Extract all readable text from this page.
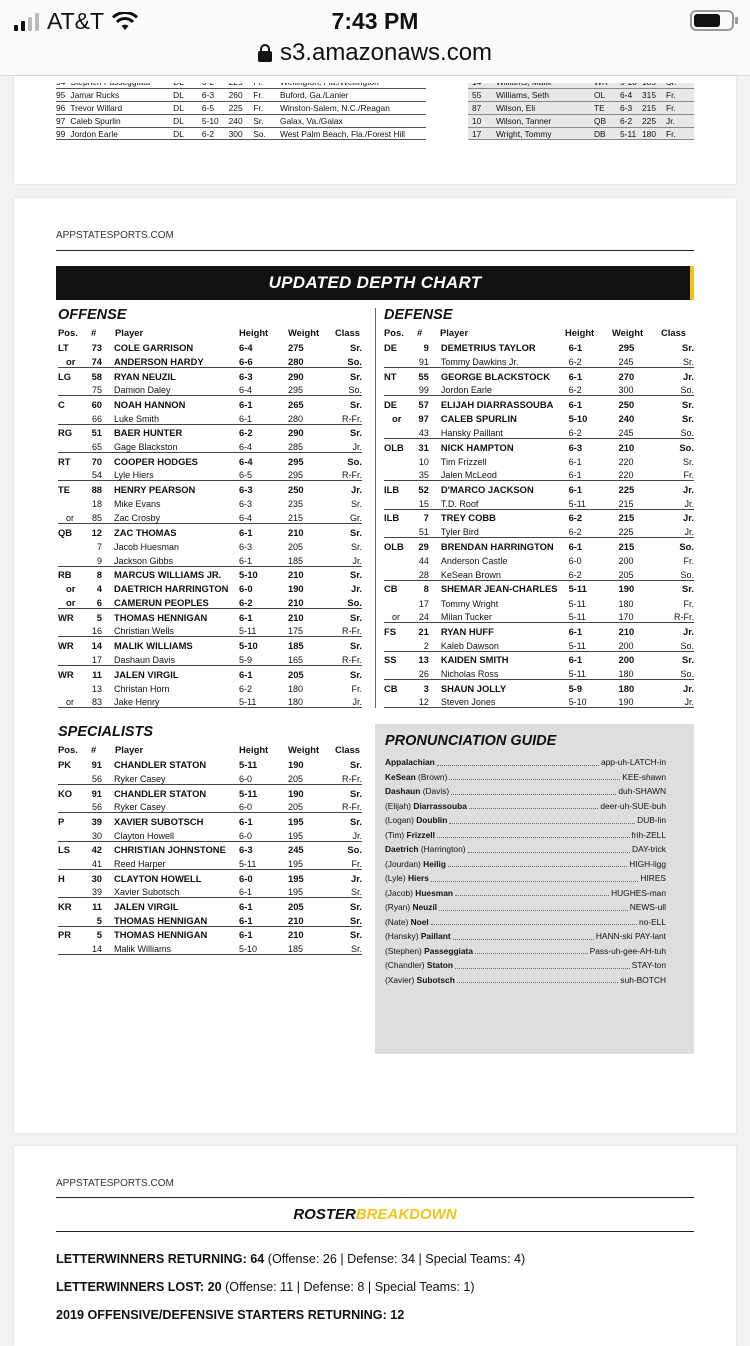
AT&T	7:43 PM
s3.amazonaws.com

95	Jamar Rucks	DL	6-3	260	Fr.	Buford, Ga./Lanier
96	Trevor Willard	DL	6-5	225	Fr.	Winston-Salem, N.C./Reagan
97	Caleb Spurlin	DL	5-10	240	Sr.	Galax, Va./Galax
99	Jordon Earle	DL	6-2	300	So.	West Palm Beach, Fla./Forest Hill

55	Williams, Seth	OL	6-4	315	Fr.
87	Wilson, Eli	TE	6-3	215	Fr.
10	Wilson, Tanner	QB	6-2	225	Jr.
17	Wright, Tommy	DB	5-11	180	Fr.
APPSTATESPORTS.COM
UPDATED DEPTH CHART
OFFENSE	DEFENSE
Pos. # Player	Height Weight Class	Pos. # Player	Height Weight Class
LT	73	COLE GARRISON	6-4	275	Sr.
or	74	ANDERSON HARDY	6-6	280	So.
LG	58	RYAN NEUZIL	6-3	290	Sr.
	75	Damion Daley	6-4	295	So.
C	60	NOAH HANNON	6-1	265	Sr.
	66	Luke Smith	6-1	280	R-Fr.
RG	51	BAER HUNTER	6-2	290	Sr.
	65	Gage Blackston	6-4	285	Jr.
RT	70	COOPER HODGES	6-4	295	So.
	54	Lyle Hiers	6-5	295	R-Fr.
TE	88	HENRY PEARSON	6-3	250	Jr.
	18	Mike Evans	6-3	235	Sr.
or	85	Zac Crosby	6-4	215	Gr.
QB	12	ZAC THOMAS	6-1	210	Sr.
	7	Jacob Huesman	6-3	205	Sr.
	9	Jackson Gibbs	6-1	185	Jr.
RB	8	MARCUS WILLIAMS JR.	5-10	210	Sr.
or	4	DAETRICH HARRINGTON	6-0	190	Jr.
or	6	CAMERUN PEOPLES	6-2	210	So.
WR	5	THOMAS HENNIGAN	6-1	210	Sr.
	16	Christian Wells	5-11	175	R-Fr.
WR	14	MALIK WILLIAMS	5-10	185	Sr.
	17	Dashaun Davis	5-9	165	R-Fr.
WR	11	JALEN VIRGIL	6-1	205	Sr.
	13	Christan Horn	6-2	180	Fr.
or	83	Jake Henry	5-11	180	Jr.
DE	9	DEMETRIUS TAYLOR	6-1	295	Sr.
	91	Tommy Dawkins Jr.	6-2	245	Sr.
NT	55	GEORGE BLACKSTOCK	6-1	270	Jr.
	99	Jordon Earle	6-2	300	So.
DE	57	ELIJAH DIARRASSOUBA	6-1	250	Sr.
or	97	CALEB SPURLIN	5-10	240	Sr.
	43	Hansky Paillant	6-2	245	So.
OLB	31	NICK HAMPTON	6-3	210	So.
	10	Tim Frizzell	6-1	220	Sr.
	35	Jalen McLeod	6-1	220	Fr.
ILB	52	D'MARCO JACKSON	6-1	225	Jr.
	15	T.D. Roof	5-11	215	Jr.
ILB	7	TREY COBB	6-2	215	Jr.
	51	Tyler Bird	6-2	225	Jr.
OLB	29	BRENDAN HARRINGTON	6-1	215	So.
	44	Anderson Castle	6-0	200	Fr.
	28	KeSean Brown	6-2	205	So.
CB	8	SHEMAR JEAN-CHARLES	5-11	190	Sr.
	17	Tommy Wright	5-11	180	Fr.
or	24	Milan Tucker	5-11	170	R-Fr.
FS	21	RYAN HUFF	6-1	210	Jr.
	2	Kaleb Dawson	5-11	200	So.
SS	13	KAIDEN SMITH	6-1	200	Sr.
	26	Nicholas Ross	5-11	180	So.
CB	3	SHAUN JOLLY	5-9	180	Jr.
	12	Steven Jones	5-10	190	Jr.
SPECIALISTS
Pos. # Player	Height Weight Class
PK	91	CHANDLER STATON	5-11	190	Sr.
	56	Ryker Casey	6-0	205	R-Fr.
KO	91	CHANDLER STATON	5-11	190	Sr.
	56	Ryker Casey	6-0	205	R-Fr.
P	39	XAVIER SUBOTSCH	6-1	195	Sr.
	30	Clayton Howell	6-0	195	Jr.
LS	42	CHRISTIAN JOHNSTONE	6-3	245	So.
	41	Reed Harper	5-11	195	Fr.
H	30	CLAYTON HOWELL	6-0	195	Jr.
	39	Xavier Subotsch	6-1	195	Sr.
KR	11	JALEN VIRGIL	6-1	205	Sr.
	5	THOMAS HENNIGAN	6-1	210	Sr.
PR	5	THOMAS HENNIGAN	6-1	210	Sr.
	14	Malik Williams	5-10	185	Sr.
PRONUNCIATION GUIDE
Appalachian	app-uh-LATCH-in
KeSean (Brown)	KEE-shawn
Dashaun (Davis)	duh-SHAWN
(Elijah) Diarrassouba	deer-uh-SUE-buh
(Logan) Doublin	DUB-lin
(Tim) Frizzell	frih-ZELL
Daetrich (Harrington)	DAY-trick
(Jourdan) Heilig	HIGH-ligg
(Lyle) Hiers	HIRES
(Jacob) Huesman	HUGHES-man
(Ryan) Neuzil	NEWS-ull
(Nate) Noel	no-ELL
(Hansky) Paillant	HANN-ski PAY-lant
(Stephen) Passeggiata	Pass-uh-gee-AH-tuh
(Chandler) Staton	STAY-ton
(Xavier) Subotsch	suh-BOTCH
APPSTATESPORTS.COM
ROSTERBREAKDOWN
LETTERWINNERS RETURNING: 64 (Offense: 26 | Defense: 34 | Special Teams: 4)
LETTERWINNERS LOST: 20 (Offense: 11 | Defense: 8 | Special Teams: 1)
2019 OFFENSIVE/DEFENSIVE STARTERS RETURNING: 12
